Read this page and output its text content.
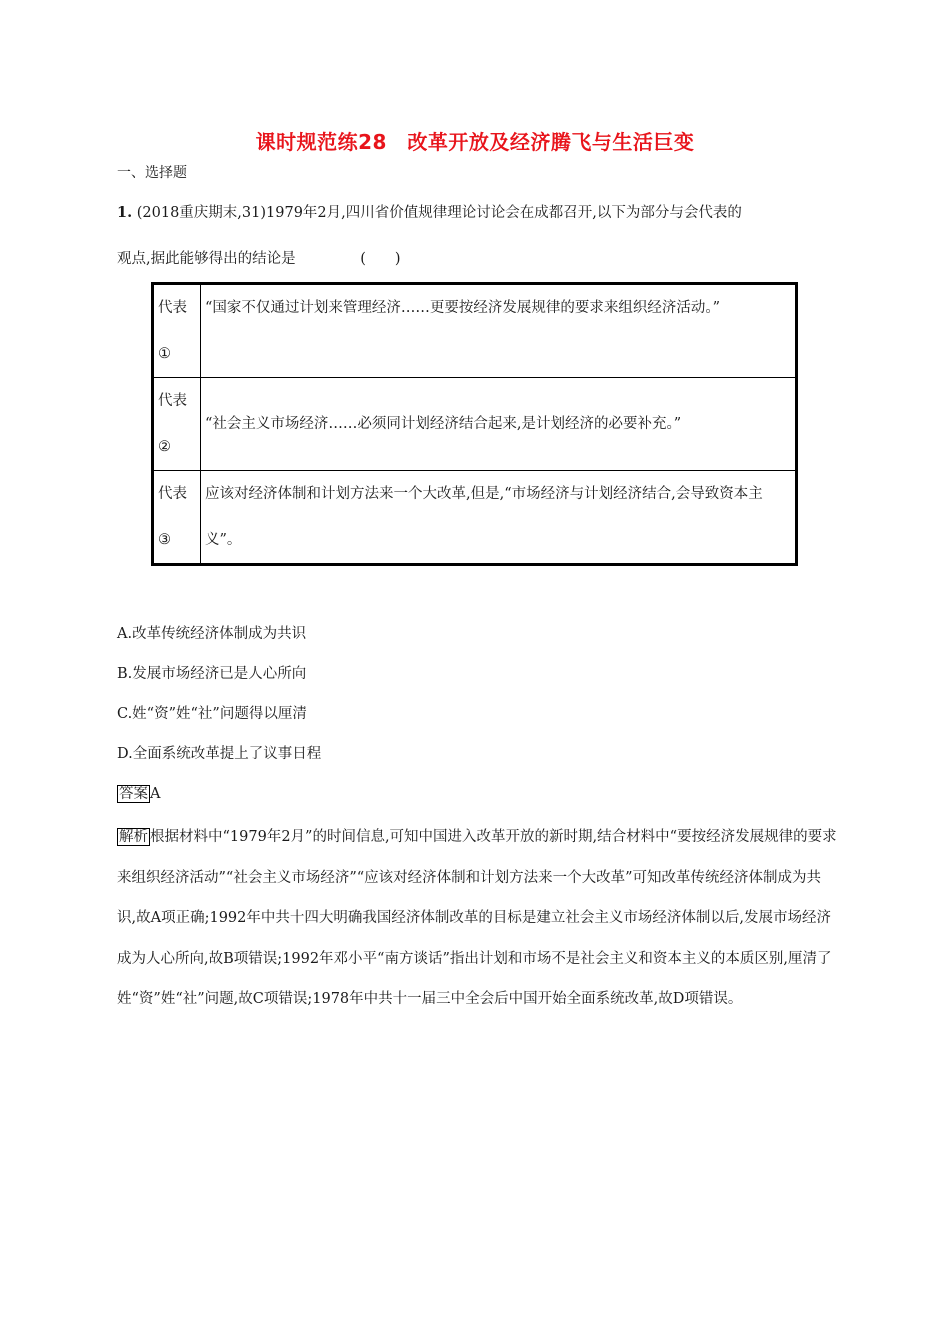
课时规范练28　改革开放及经济腾飞与生活巨变
一、选择题
1. (2018重庆期末,31)1979年2月,四川省价值规律理论讨论会在成都召开,以下为部分与会代表的
观点,据此能够得出的结论是	(　　)
代表
①	“国家不仅通过计划来管理经济……更要按经济发展规律的要求来组织经济活动。”

代表
②	“社会主义市场经济……必须同计划经济结合起来,是计划经济的必要补充。”

代表
③	应该对经济体制和计划方法来一个大改革,但是,“市场经济与计划经济结合,会导致资本主义”。
A.改革传统经济体制成为共识
B.发展市场经济已是人心所向
C.姓“资”姓“社”问题得以厘清
D.全面系统改革提上了议事日程
答案 A
解析 根据材料中“1979年2月”的时间信息,可知中国进入改革开放的新时期,结合材料中“要按经济发展规律的要求来组织经济活动”“社会主义市场经济”“应该对经济体制和计划方法来一个大改革”可知改革传统经济体制成为共识,故A项正确;1992年中共十四大明确我国经济体制改革的目标是建立社会主义市场经济体制以后,发展市场经济成为人心所向,故B项错误;1992年邓小平“南方谈话”指出计划和市场不是社会主义和资本主义的本质区别,厘清了姓“资”姓“社”问题,故C项错误;1978年中共十一届三中全会后中国开始全面系统改革,故D项错误。
